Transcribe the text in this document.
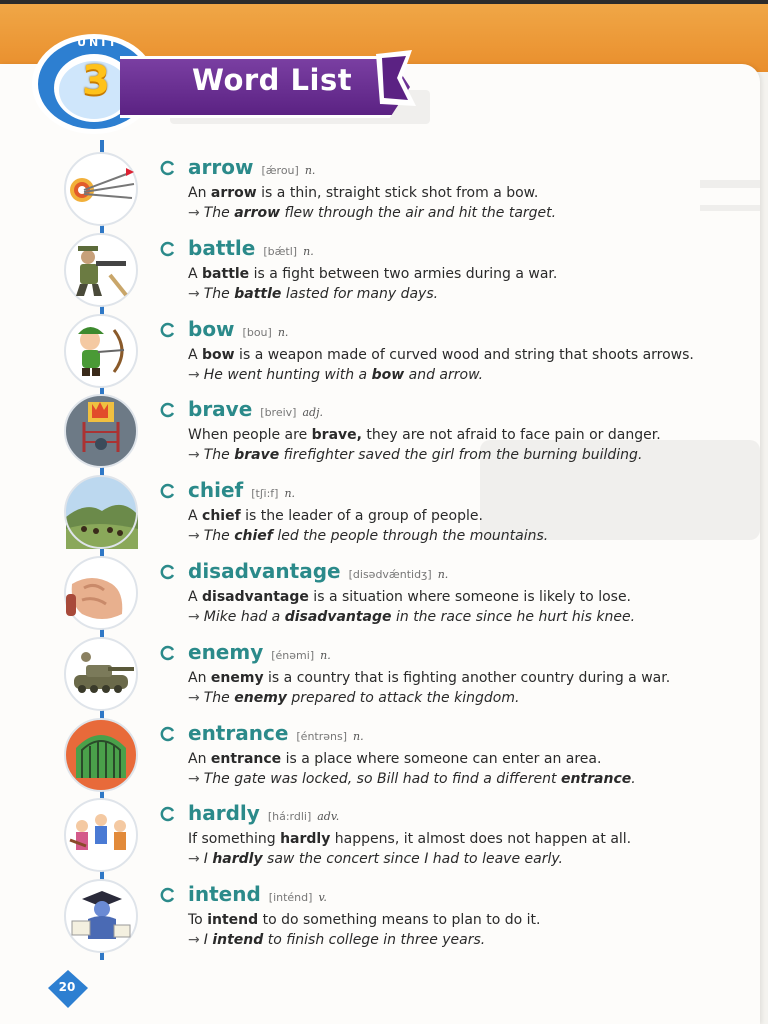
UNIT
3	Word List
arrow [ǽrou] n.
An arrow is a thin, straight stick shot from a bow.
→ The arrow flew through the air and hit the target.
battle [bǽtl] n.
A battle is a fight between two armies during a war.
→ The battle lasted for many days.
bow [bou] n.
A bow is a weapon made of curved wood and string that shoots arrows.
→ He went hunting with a bow and arrow.
brave [breiv] adj.
When people are brave, they are not afraid to face pain or danger.
→ The brave firefighter saved the girl from the burning building.
chief [tʃi:f] n.
A chief is the leader of a group of people.
→ The chief led the people through the mountains.
disadvantage [disədvǽntidʒ] n.
A disadvantage is a situation where someone is likely to lose.
→ Mike had a disadvantage in the race since he hurt his knee.
enemy [énəmi] n.
An enemy is a country that is fighting another country during a war.
→ The enemy prepared to attack the kingdom.
entrance [éntrəns] n.
An entrance is a place where someone can enter an area.
→ The gate was locked, so Bill had to find a different entrance.
hardly [há:rdli] adv.
If something hardly happens, it almost does not happen at all.
→ I hardly saw the concert since I had to leave early.
intend [inténd] v.
To intend to do something means to plan to do it.
→ I intend to finish college in three years.
20
